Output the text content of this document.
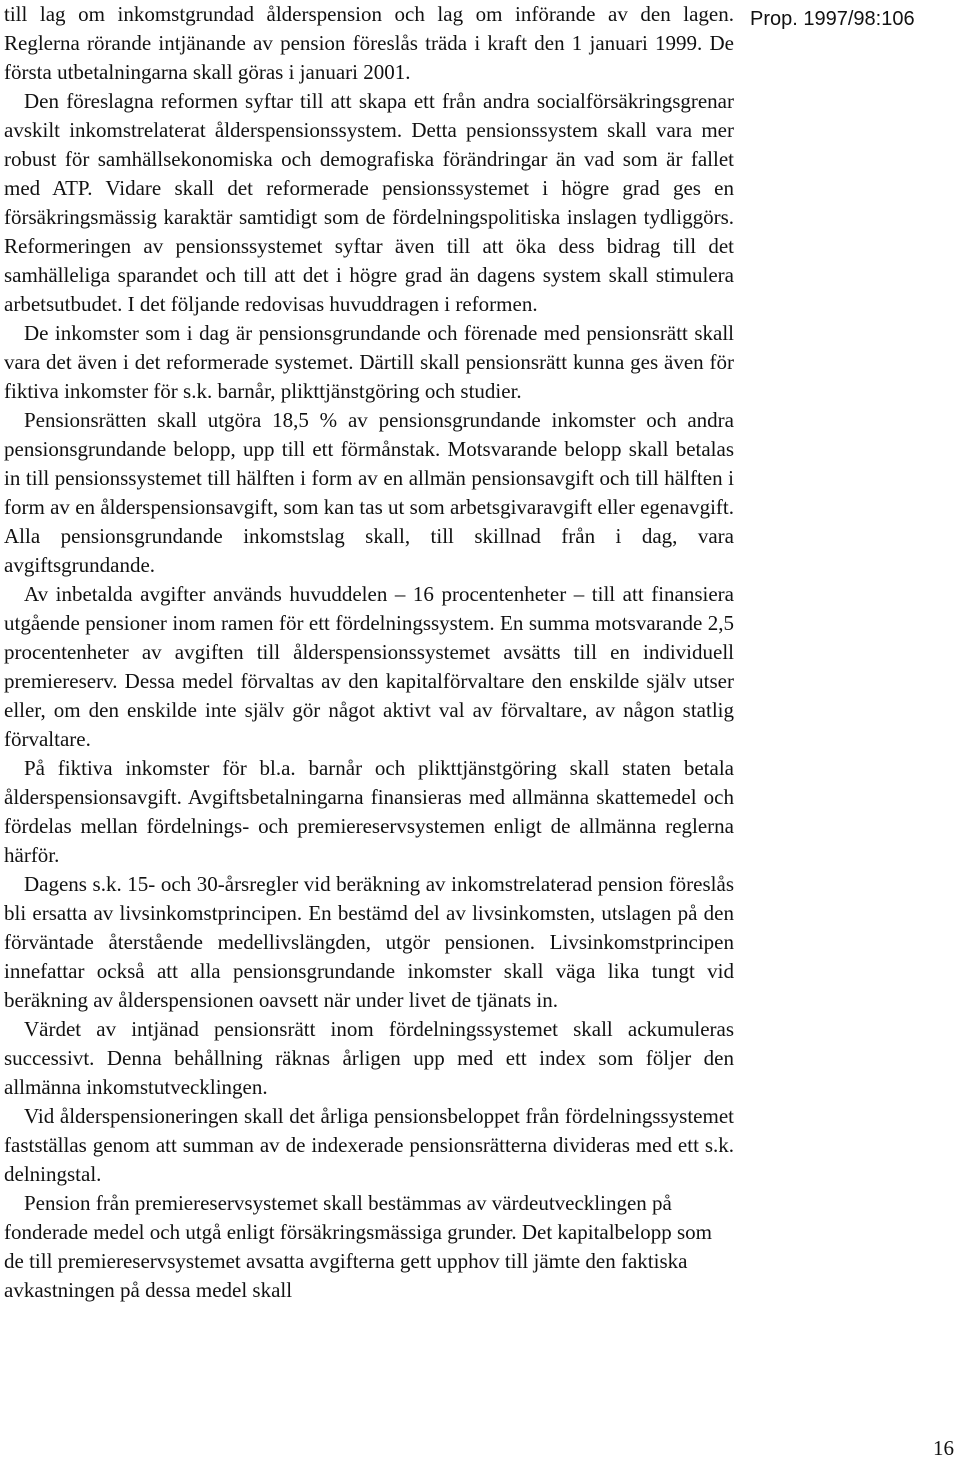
till lag om inkomstgrundad ålderspension och lag om införande av den lagen. Reglerna rörande intjänande av pension föreslås träda i kraft den 1 januari 1999. De första utbetalningarna skall göras i januari 2001.

Den föreslagna reformen syftar till att skapa ett från andra socialförsäkringsgrenar avskilt inkomstrelaterat ålderspensionssystem. Detta pensionssystem skall vara mer robust för samhällsekonomiska och demografiska förändringar än vad som är fallet med ATP. Vidare skall det reformerade pensionssystemet i högre grad ges en försäkringsmässig karaktär samtidigt som de fördelningspolitiska inslagen tydliggörs. Reformeringen av pensionssystemet syftar även till att öka dess bidrag till det samhälleliga sparandet och till att det i högre grad än dagens system skall stimulera arbetsutbudet. I det följande redovisas huvuddragen i reformen.

De inkomster som i dag är pensionsgrundande och förenade med pensionsrätt skall vara det även i det reformerade systemet. Därtill skall pensionsrätt kunna ges även för fiktiva inkomster för s.k. barnår, plikttjänstgöring och studier.

Pensionsrätten skall utgöra 18,5 % av pensionsgrundande inkomster och andra pensionsgrundande belopp, upp till ett förmånstak. Motsvarande belopp skall betalas in till pensionssystemet till hälften i form av en allmän pensionsavgift och till hälften i form av en ålderspensionsavgift, som kan tas ut som arbetsgivaravgift eller egenavgift. Alla pensionsgrundande inkomstslag skall, till skillnad från i dag, vara avgiftsgrundande.

Av inbetalda avgifter används huvuddelen – 16 procentenheter – till att finansiera utgående pensioner inom ramen för ett fördelningssystem. En summa motsvarande 2,5 procentenheter av avgiften till ålderspensionssystemet avsätts till en individuell premiereserv. Dessa medel förvaltas av den kapitalförvaltare den enskilde själv utser eller, om den enskilde inte själv gör något aktivt val av förvaltare, av någon statlig förvaltare.

På fiktiva inkomster för bl.a. barnår och plikttjänstgöring skall staten betala ålderspensionsavgift. Avgiftsbetalningarna finansieras med allmänna skattemedel och fördelas mellan fördelnings- och premiereservsystemen enligt de allmänna reglerna härför.

Dagens s.k. 15- och 30-årsregler vid beräkning av inkomstrelaterad pension föreslås bli ersatta av livsinkomstprincipen. En bestämd del av livsinkomsten, utslagen på den förväntade återstående medellivslängden, utgör pensionen. Livsinkomstprincipen innefattar också att alla pensionsgrundande inkomster skall väga lika tungt vid beräkning av ålderspensionen oavsett när under livet de tjänats in.

Värdet av intjänad pensionsrätt inom fördelningssystemet skall ackumuleras successivt. Denna behållning räknas årligen upp med ett index som följer den allmänna inkomstutvecklingen.

Vid ålderspensioneringen skall det årliga pensionsbeloppet från fördelningssystemet fastställas genom att summan av de indexerade pensionsrätterna divideras med ett s.k. delningstal.

Pension från premiereservsystemet skall bestämmas av värdeutvecklingen på fonderade medel och utgå enligt försäkringsmässiga grunder. Det kapitalbelopp som de till premiereservsystemet avsatta avgifterna gett upphov till jämte den faktiska avkastningen på dessa medel skall

Prop. 1997/98:106
16
